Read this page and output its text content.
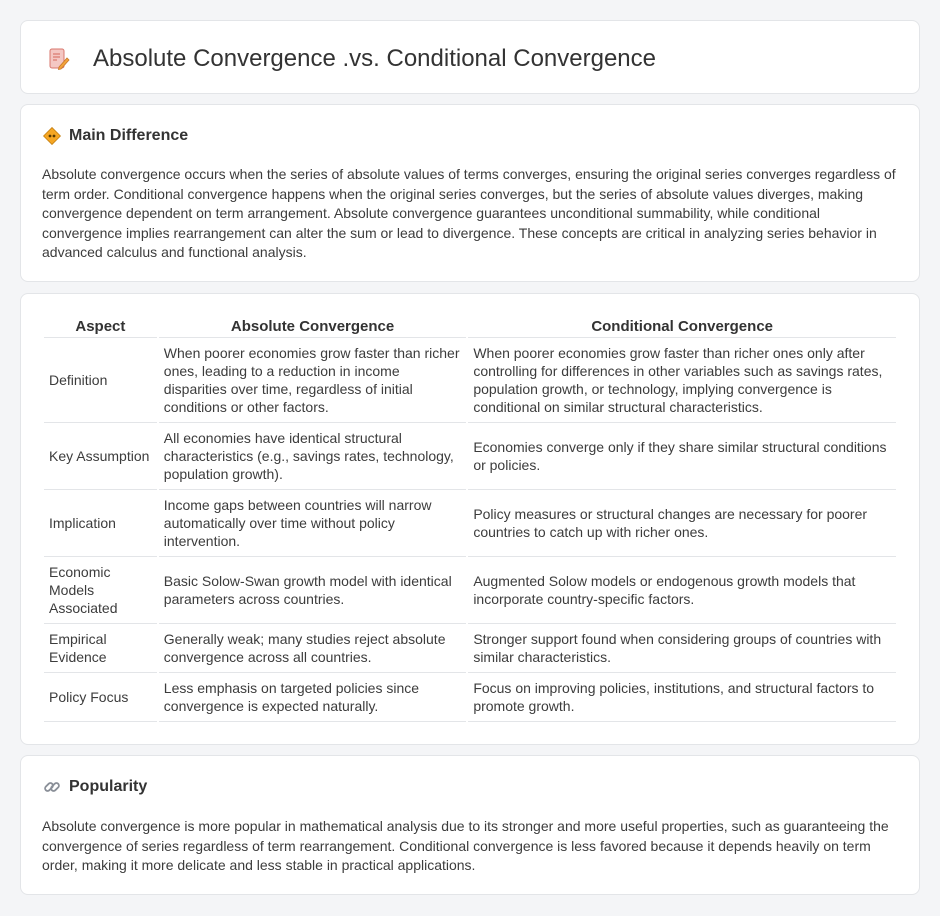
Absolute Convergence .vs. Conditional Convergence
Main Difference

Absolute convergence occurs when the series of absolute values of terms converges, ensuring the original series converges regardless of term order. Conditional convergence happens when the original series converges, but the series of absolute values diverges, making convergence dependent on term arrangement. Absolute convergence guarantees unconditional summability, while conditional convergence implies rearrangement can alter the sum or lead to divergence. These concepts are critical in analyzing series behavior in advanced calculus and functional analysis.

Aspect	Absolute Convergence	Conditional Convergence
Definition	When poorer economies grow faster than richer ones, leading to a reduction in income disparities over time, regardless of initial conditions or other factors.	When poorer economies grow faster than richer ones only after controlling for differences in other variables such as savings rates, population growth, or technology, implying convergence is conditional on similar structural characteristics.
Key Assumption	All economies have identical structural characteristics (e.g., savings rates, technology, population growth).	Economies converge only if they share similar structural conditions or policies.
Implication	Income gaps between countries will narrow automatically over time without policy intervention.	Policy measures or structural changes are necessary for poorer countries to catch up with richer ones.
Economic Models Associated	Basic Solow-Swan growth model with identical parameters across countries.	Augmented Solow models or endogenous growth models that incorporate country-specific factors.
Empirical Evidence	Generally weak; many studies reject absolute convergence across all countries.	Stronger support found when considering groups of countries with similar characteristics.
Policy Focus	Less emphasis on targeted policies since convergence is expected naturally.	Focus on improving policies, institutions, and structural factors to promote growth.
Popularity

Absolute convergence is more popular in mathematical analysis due to its stronger and more useful properties, such as guaranteeing the convergence of series regardless of term rearrangement. Conditional convergence is less favored because it depends heavily on term order, making it more delicate and less stable in practical applications.
